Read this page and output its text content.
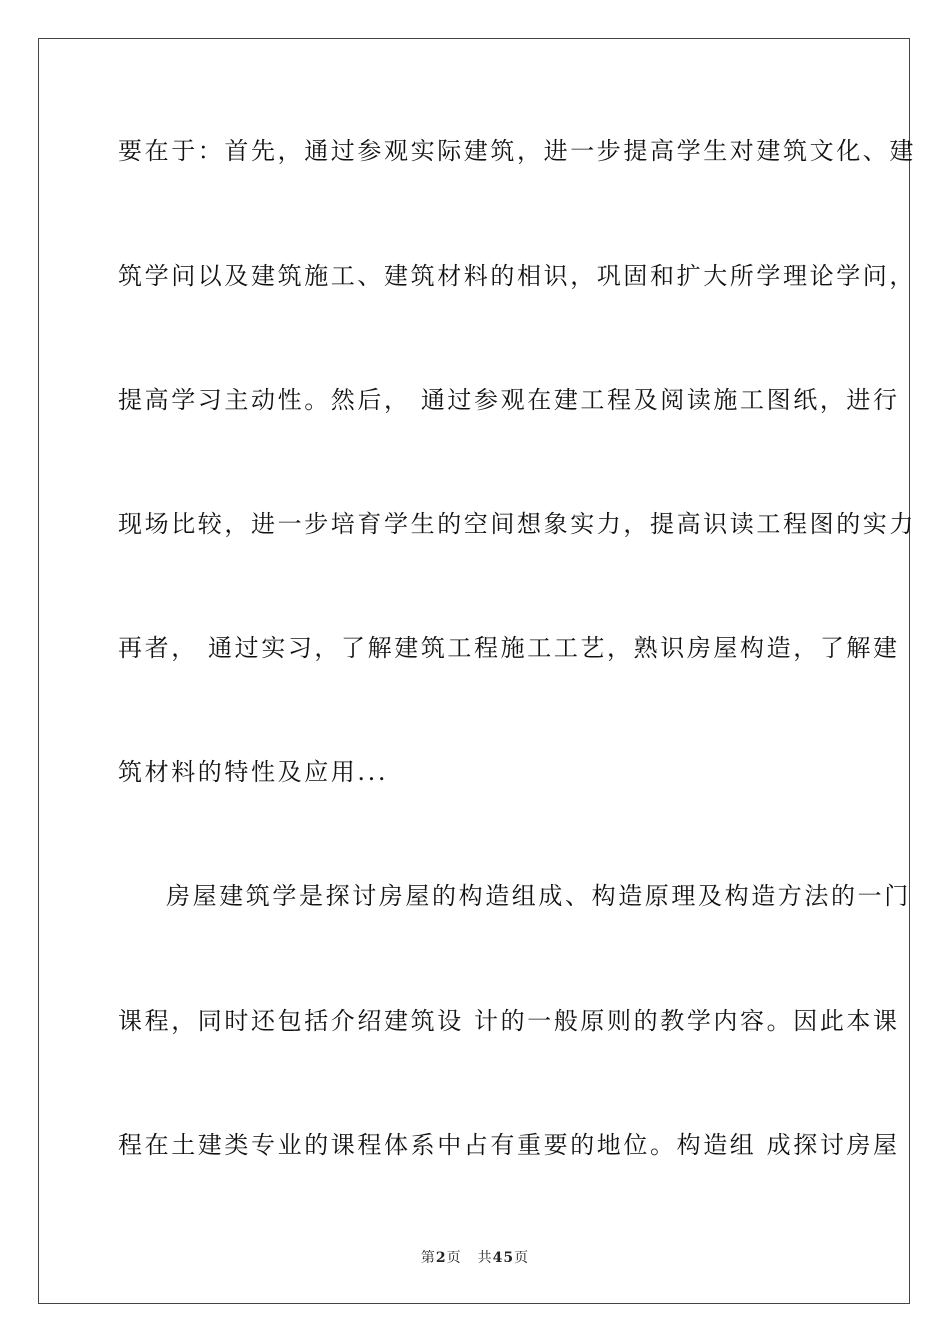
要在于：首先，通过参观实际建筑，进一步提高学生对建筑文化、建
筑学问以及建筑施工、建筑材料的相识，巩固和扩大所学理论学问，
提高学习主动性。然后， 通过参观在建工程及阅读施工图纸，进行
现场比较，进一步培育学生的空间想象实力，提高识读工程图的实力
再者， 通过实习，了解建筑工程施工工艺，熟识房屋构造，了解建
筑材料的特性及应用...
房屋建筑学是探讨房屋的构造组成、构造原理及构造方法的一门
课程，同时还包括介绍建筑设 计的一般原则的教学内容。因此本课
程在土建类专业的课程体系中占有重要的地位。构造组 成探讨房屋
第2页 共45页
